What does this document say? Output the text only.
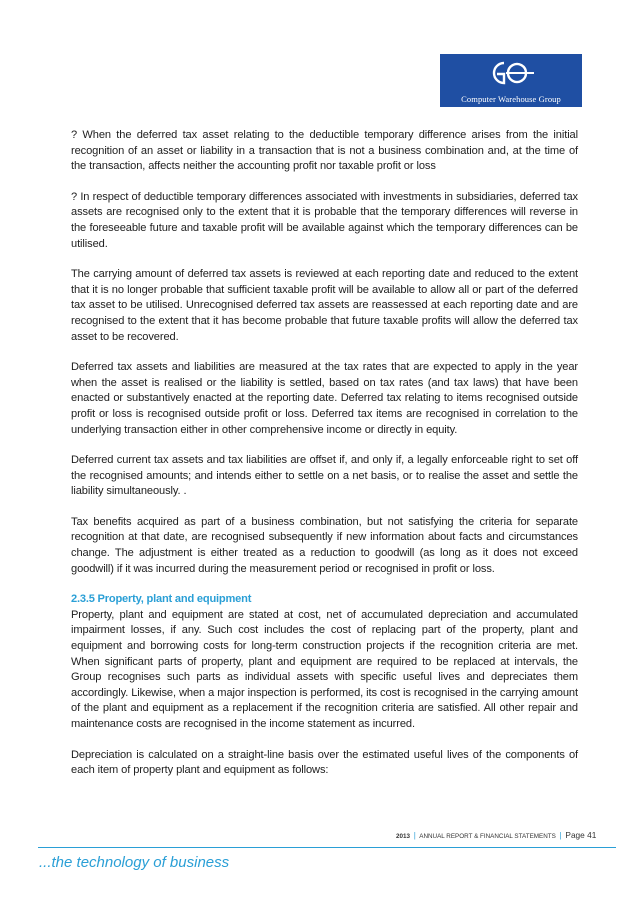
Computer Warehouse Group

? When the deferred tax asset relating to the deductible temporary difference arises from the initial recognition of an asset or liability in a transaction that is not a business combination and, at the time of the transaction, affects neither the accounting profit nor taxable profit or loss

? In respect of deductible temporary differences associated with investments in subsidiaries, deferred tax assets are recognised only to the extent that it is probable that the temporary differences will reverse in the foreseeable future and taxable profit will be available against which the temporary differences can be utilised.

The carrying amount of deferred tax assets is reviewed at each reporting date and reduced to the extent that it is no longer probable that sufficient taxable profit will be available to allow all or part of the deferred tax asset to be utilised. Unrecognised deferred tax assets are reassessed at each reporting date and are recognised to the extent that it has become probable that future taxable profits will allow the deferred tax asset to be recovered.

Deferred tax assets and liabilities are measured at the tax rates that are expected to apply in the year when the asset is realised or the liability is settled, based on tax rates (and tax laws) that have been enacted or substantively enacted at the reporting date. Deferred tax relating to items recognised outside profit or loss is recognised outside profit or loss. Deferred tax items are recognised in correlation to the underlying transaction either in other comprehensive income or directly in equity.

Deferred current tax assets and tax liabilities are offset if, and only if, a legally enforceable right to set off the recognised amounts; and intends either to settle on a net basis, or to realise the asset and settle the liability simultaneously. .

Tax benefits acquired as part of a business combination, but not satisfying the criteria for separate recognition at that date, are recognised subsequently if new information about facts and circumstances change. The adjustment is either treated as a reduction to goodwill (as long as it does not exceed goodwill) if it was incurred during the measurement period or recognised in profit or loss.

2.3.5 Property, plant and equipment

Property, plant and equipment are stated at cost, net of accumulated depreciation and accumulated impairment losses, if any. Such cost includes the cost of replacing part of the property, plant and equipment and borrowing costs for long-term construction projects if the recognition criteria are met. When significant parts of property, plant and equipment are required to be replaced at intervals, the Group recognises such parts as individual assets with specific useful lives and depreciates them accordingly. Likewise, when a major inspection is performed, its cost is recognised in the carrying amount of the plant and equipment as a replacement if the recognition criteria are satisfied. All other repair and maintenance costs are recognised in the income statement as incurred.

Depreciation is calculated on a straight-line basis over the estimated useful lives of the components of each item of property plant and equipment as follows:

2013 | ANNUAL REPORT & FINANCIAL STATEMENTS | Page 41
...the technology of business
